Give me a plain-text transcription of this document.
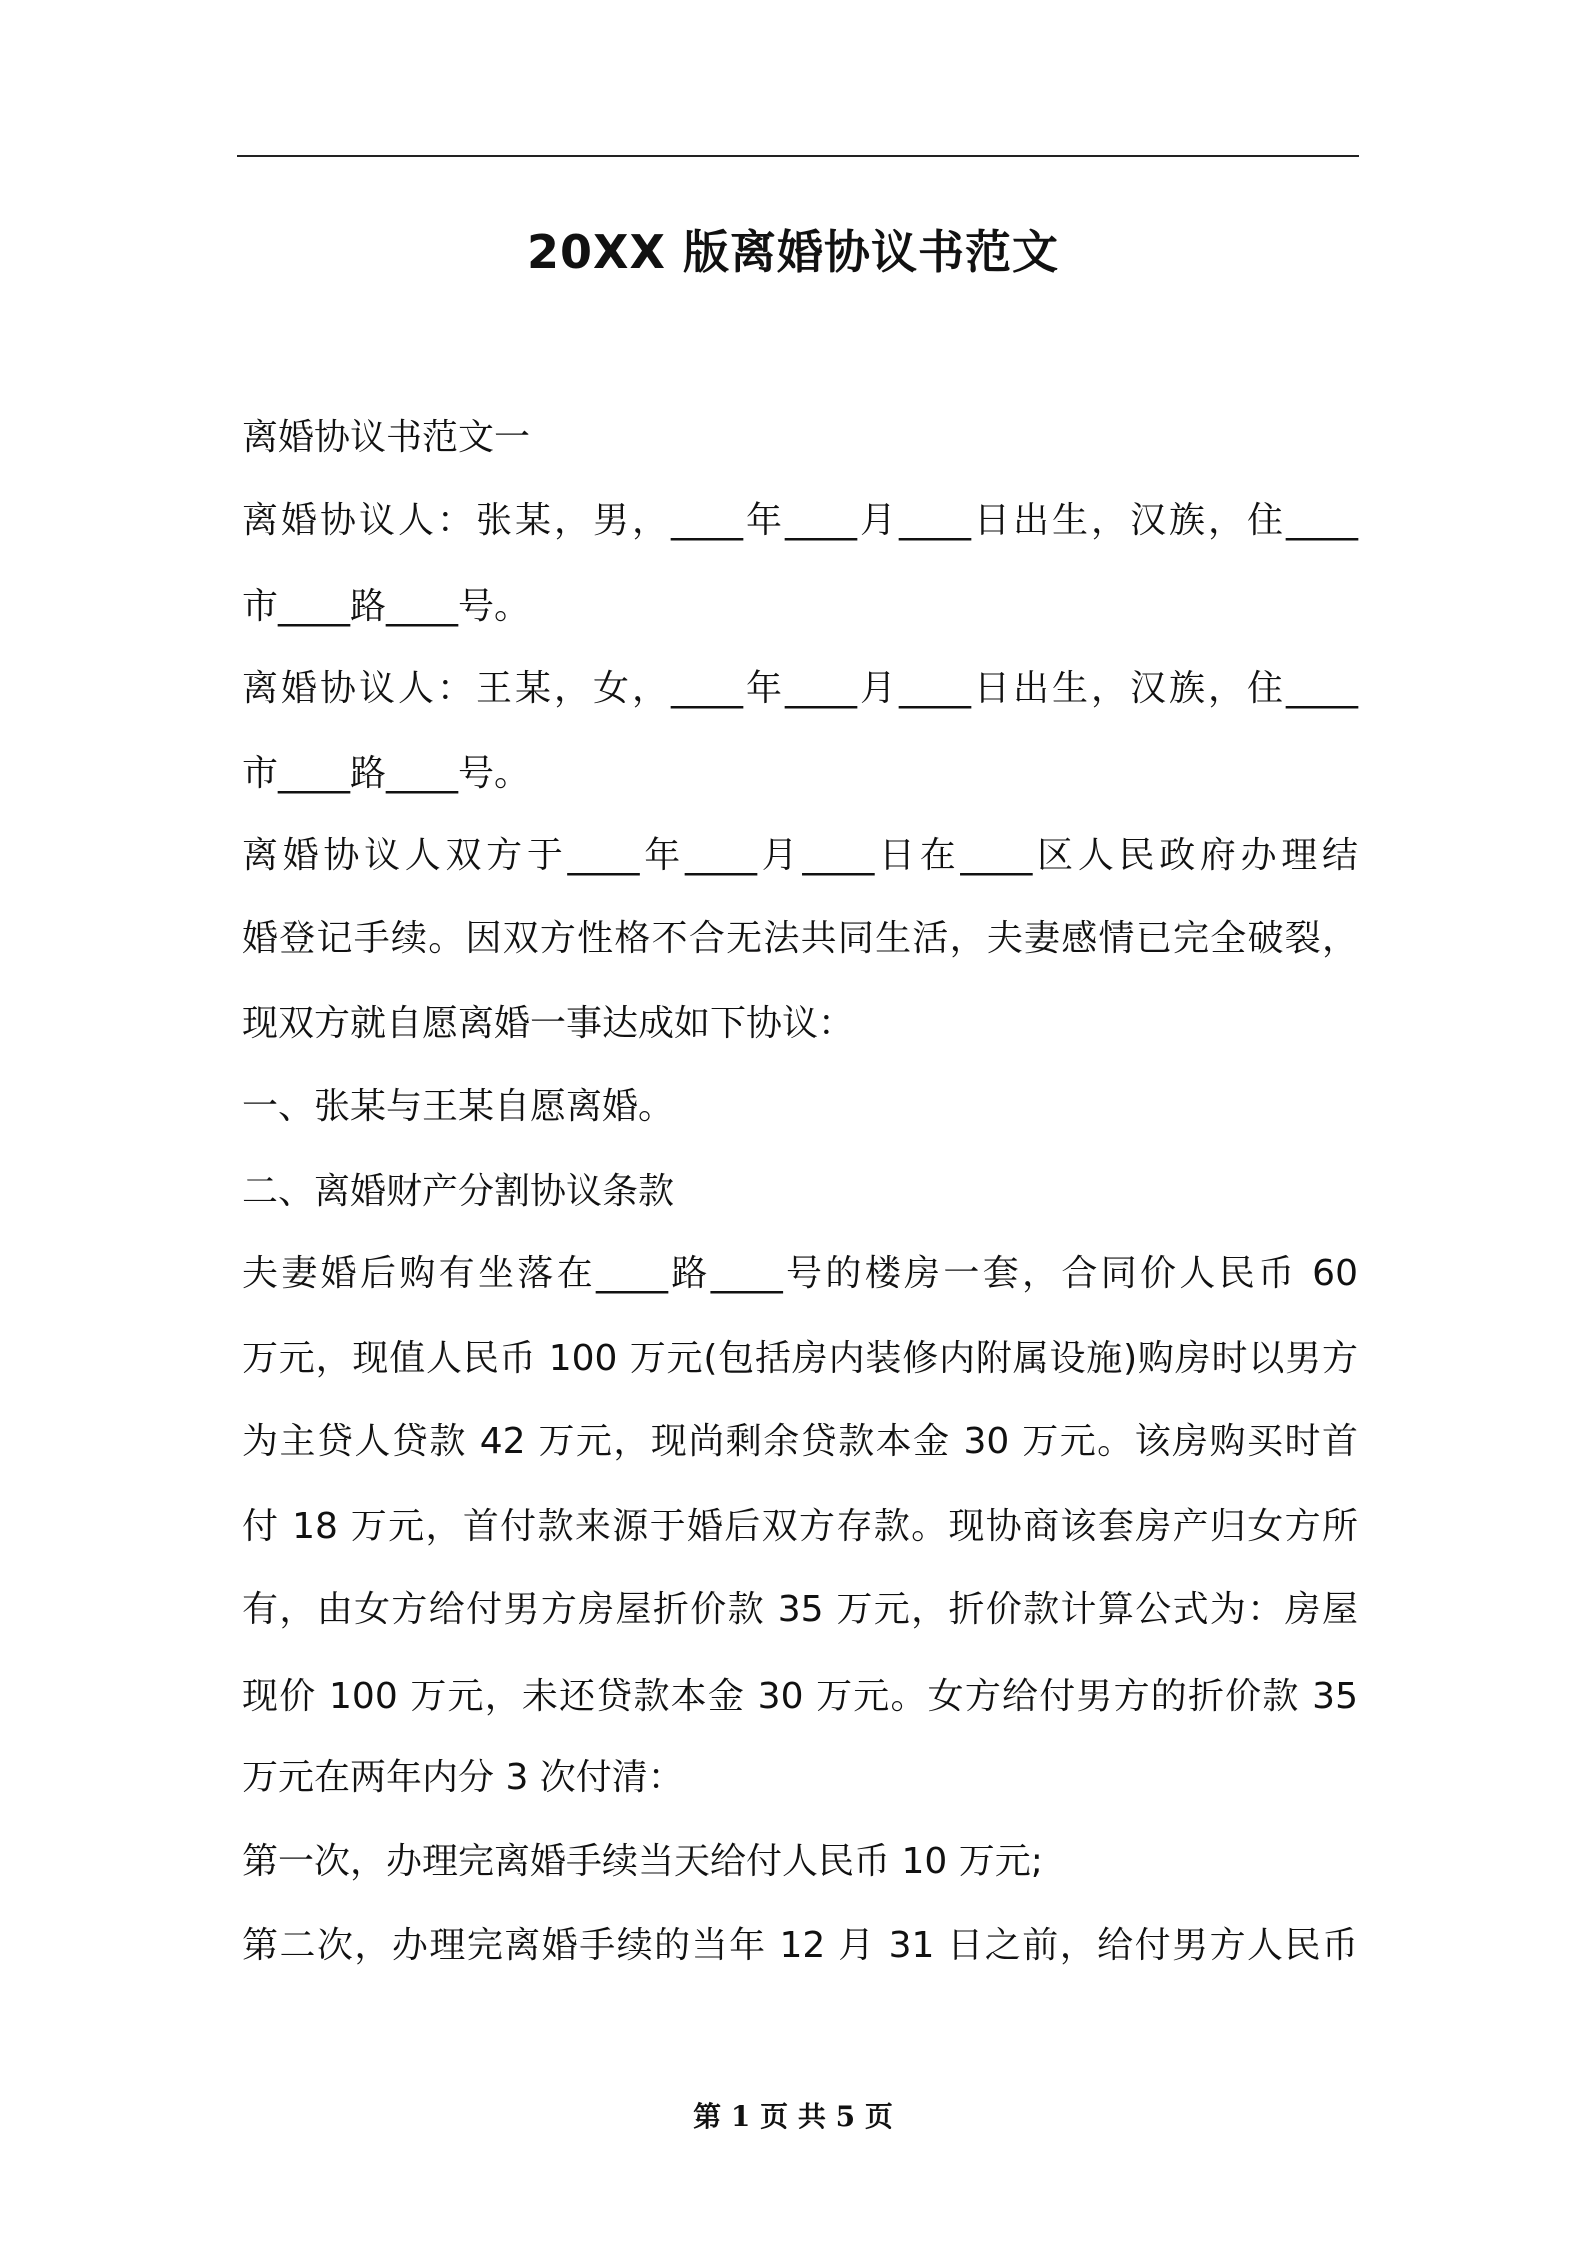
20XX 版离婚协议书范文
离婚协议书范文一
离婚协议人：张某，男，____年____月____日出生，汉族，住____
市____路____号。
离婚协议人：王某，女，____年____月____日出生，汉族，住____
市____路____号。
离婚协议人双方于____年____月____日在____区人民政府办理结
婚登记手续。因双方性格不合无法共同生活，夫妻感情已完全破裂，
现双方就自愿离婚一事达成如下协议：
一、张某与王某自愿离婚。
二、离婚财产分割协议条款
夫妻婚后购有坐落在____路____号的楼房一套，合同价人民币 60
万元，现值人民币 100 万元(包括房内装修内附属设施)购房时以男方
为主贷人贷款 42 万元，现尚剩余贷款本金 30 万元。该房购买时首
付 18 万元，首付款来源于婚后双方存款。现协商该套房产归女方所
有，由女方给付男方房屋折价款 35 万元，折价款计算公式为：房屋
现价 100 万元，未还贷款本金 30 万元。女方给付男方的折价款 35
万元在两年内分 3 次付清：
第一次，办理完离婚手续当天给付人民币 10 万元;
第二次，办理完离婚手续的当年 12 月 31 日之前，给付男方人民币
第 1 页 共 5 页
